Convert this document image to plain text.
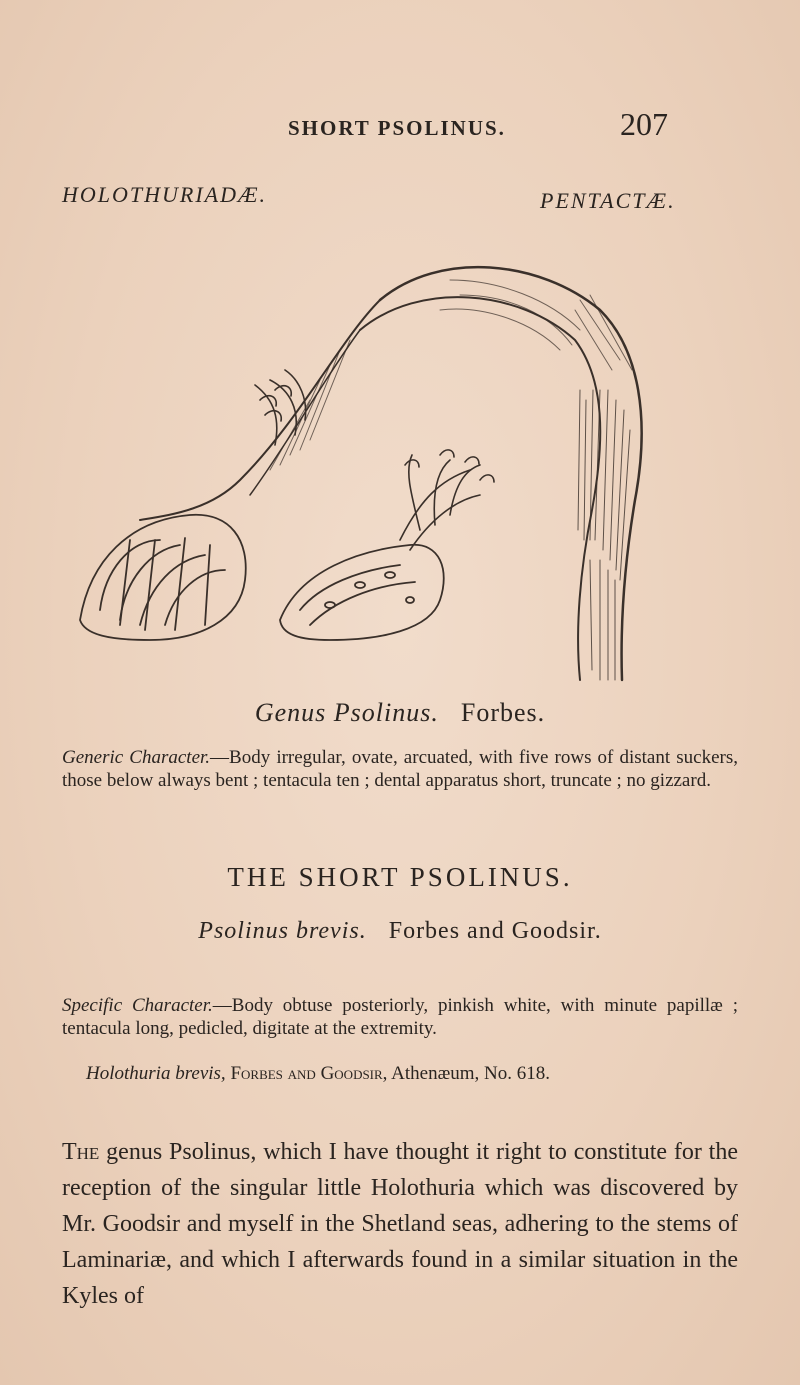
SHORT PSOLINUS.	207
HOLOTHURIADÆ.	PENTACTÆ.
Genus Psolinus. Forbes.
Generic Character.—Body irregular, ovate, arcuated, with five rows of distant suckers, those below always bent ; tentacula ten ; dental apparatus short, truncate ; no gizzard.
THE SHORT PSOLINUS.
Psolinus brevis. Forbes and Goodsir.
Specific Character.—Body obtuse posteriorly, pinkish white, with minute papillæ ; tentacula long, pedicled, digitate at the extremity.
Holothuria brevis, Forbes and Goodsir, Athenæum, No. 618.
The genus Psolinus, which I have thought it right to constitute for the reception of the singular little Holothuria which was discovered by Mr. Goodsir and myself in the Shetland seas, adhering to the stems of Laminariæ, and which I afterwards found in a similar situation in the Kyles of
